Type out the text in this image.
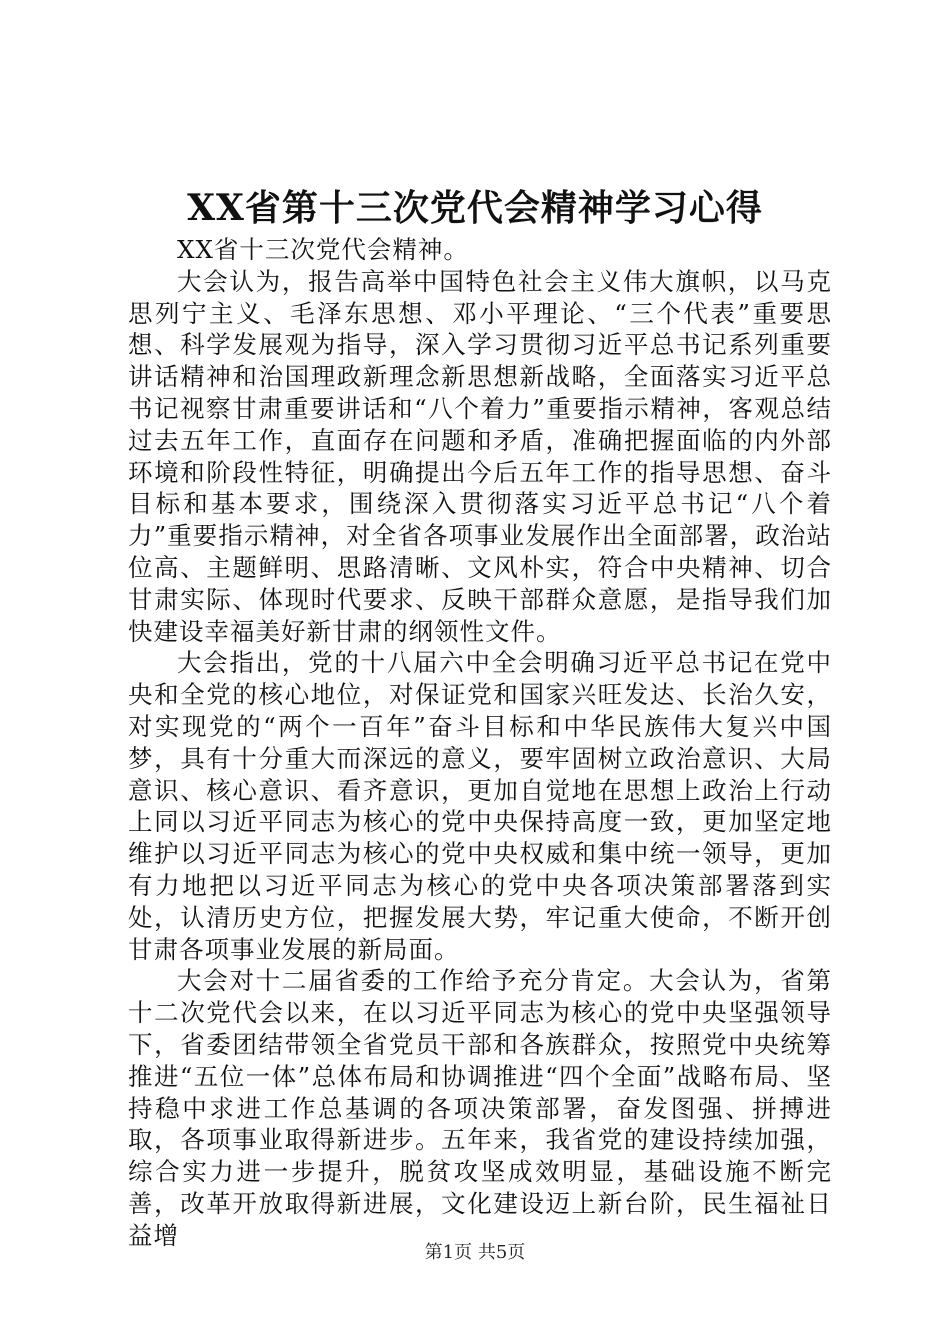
XX省第十三次党代会精神学习心得

XX省十三次党代会精神。

大会认为，报告高举中国特色社会主义伟大旗帜，以马克思列宁主义、毛泽东思想、邓小平理论、“三个代表”重要思想、科学发展观为指导，深入学习贯彻习近平总书记系列重要讲话精神和治国理政新理念新思想新战略，全面落实习近平总书记视察甘肃重要讲话和“八个着力”重要指示精神，客观总结过去五年工作，直面存在问题和矛盾，准确把握面临的内外部环境和阶段性特征，明确提出今后五年工作的指导思想、奋斗目标和基本要求，围绕深入贯彻落实习近平总书记“八个着力”重要指示精神，对全省各项事业发展作出全面部署，政治站位高、主题鲜明、思路清晰、文风朴实，符合中央精神、切合甘肃实际、体现时代要求、反映干部群众意愿，是指导我们加快建设幸福美好新甘肃的纲领性文件。

大会指出，党的十八届六中全会明确习近平总书记在党中央和全党的核心地位，对保证党和国家兴旺发达、长治久安，对实现党的“两个一百年”奋斗目标和中华民族伟大复兴中国梦，具有十分重大而深远的意义，要牢固树立政治意识、大局意识、核心意识、看齐意识，更加自觉地在思想上政治上行动上同以习近平同志为核心的党中央保持高度一致，更加坚定地维护以习近平同志为核心的党中央权威和集中统一领导，更加有力地把以习近平同志为核心的党中央各项决策部署落到实处，认清历史方位，把握发展大势，牢记重大使命，不断开创甘肃各项事业发展的新局面。

大会对十二届省委的工作给予充分肯定。大会认为，省第十二次党代会以来，在以习近平同志为核心的党中央坚强领导下，省委团结带领全省党员干部和各族群众，按照党中央统筹推进“五位一体”总体布局和协调推进“四个全面”战略布局、坚持稳中求进工作总基调的各项决策部署，奋发图强、拼搏进取，各项事业取得新进步。五年来，我省党的建设持续加强，综合实力进一步提升，脱贫攻坚成效明显，基础设施不断完善，改革开放取得新进展，文化建设迈上新台阶，民生福祉日益增

第1页 共5页
